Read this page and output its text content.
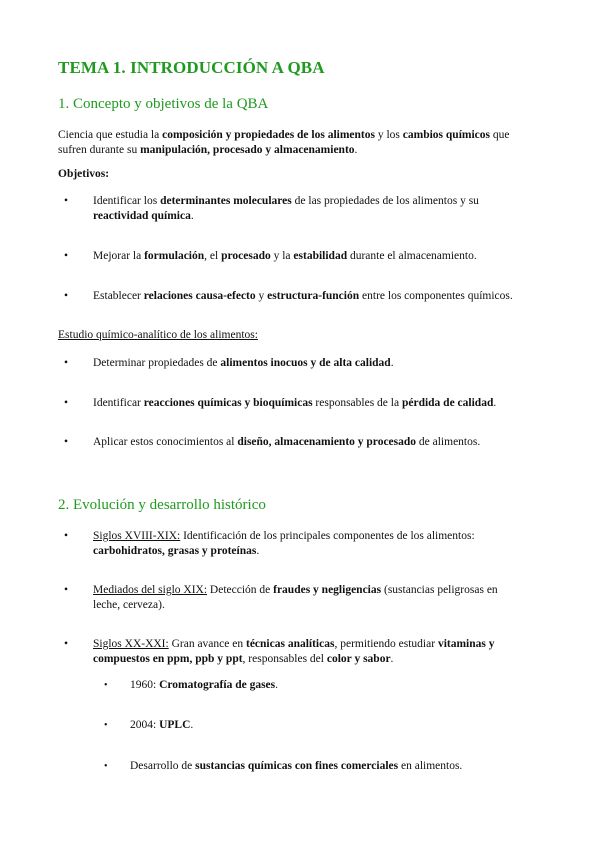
TEMA 1. INTRODUCCIÓN A QBA
1. Concepto y objetivos de la QBA

Ciencia que estudia la composición y propiedades de los alimentos y los cambios químicos que sufren durante su manipulación, procesado y almacenamiento.

Objetivos:

• Identificar los determinantes moleculares de las propiedades de los alimentos y su reactividad química.
• Mejorar la formulación, el procesado y la estabilidad durante el almacenamiento.
• Establecer relaciones causa-efecto y estructura-función entre los componentes químicos.

Estudio químico-analítico de los alimentos:

• Determinar propiedades de alimentos inocuos y de alta calidad.
• Identificar reacciones químicas y bioquímicas responsables de la pérdida de calidad.
• Aplicar estos conocimientos al diseño, almacenamiento y procesado de alimentos.
2. Evolución y desarrollo histórico
• Siglos XVIII-XIX: Identificación de los principales componentes de los alimentos: carbohidratos, grasas y proteínas.
• Mediados del siglo XIX: Detección de fraudes y negligencias (sustancias peligrosas en leche, cerveza).
• Siglos XX-XXI: Gran avance en técnicas analíticas, permitiendo estudiar vitaminas y compuestos en ppm, ppb y ppt, responsables del color y sabor.
• 1960: Cromatografía de gases.
• 2004: UPLC.
• Desarrollo de sustancias químicas con fines comerciales en alimentos.
